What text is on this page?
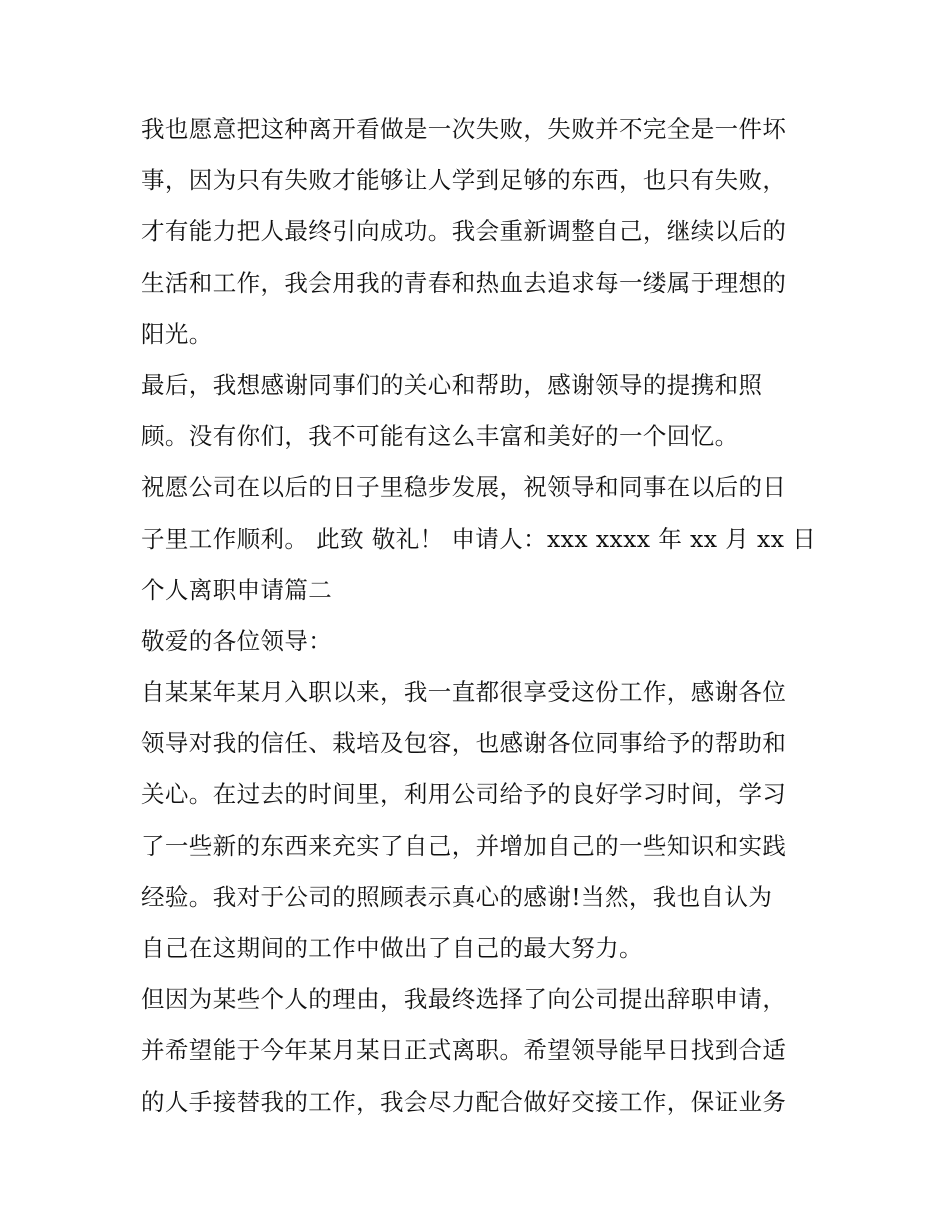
我也愿意把这种离开看做是一次失败，失败并不完全是一件坏
事，因为只有失败才能够让人学到足够的东西，也只有失败，
才有能力把人最终引向成功。我会重新调整自己，继续以后的
生活和工作，我会用我的青春和热血去追求每一缕属于理想的
阳光。
最后，我想感谢同事们的关心和帮助，感谢领导的提携和照
顾。没有你们，我不可能有这么丰富和美好的一个回忆。
祝愿公司在以后的日子里稳步发展，祝领导和同事在以后的日
子里工作顺利。 此致 敬礼！ 申请人：xxx xxxx 年 xx 月 xx 日
个人离职申请篇二
敬爱的各位领导：
自某某年某月入职以来，我一直都很享受这份工作，感谢各位
领导对我的信任、栽培及包容，也感谢各位同事给予的帮助和
关心。在过去的时间里，利用公司给予的良好学习时间，学习
了一些新的东西来充实了自己，并增加自己的一些知识和实践
经验。我对于公司的照顾表示真心的感谢!当然，我也自认为
自己在这期间的工作中做出了自己的最大努力。
但因为某些个人的理由，我最终选择了向公司提出辞职申请，
并希望能于今年某月某日正式离职。希望领导能早日找到合适
的人手接替我的工作，我会尽力配合做好交接工作，保证业务
